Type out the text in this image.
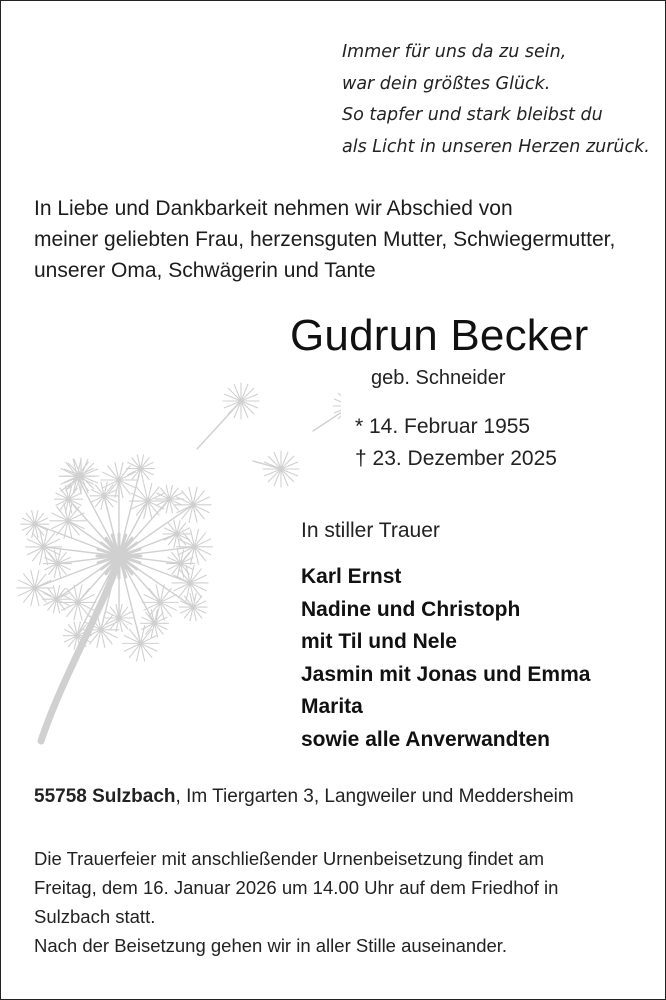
Immer für uns da zu sein,
war dein größtes Glück.
So tapfer und stark bleibst du
als Licht in unseren Herzen zurück.
In Liebe und Dankbarkeit nehmen wir Abschied von
meiner geliebten Frau, herzensguten Mutter, Schwiegermutter,
unserer Oma, Schwägerin und Tante
Gudrun Becker
geb. Schneider
* 14. Februar 1955
† 23. Dezember 2025
In stiller Trauer
Karl Ernst
Nadine und Christoph
mit Til und Nele
Jasmin mit Jonas und Emma
Marita
sowie alle Anverwandten
55758 Sulzbach, Im Tiergarten 3, Langweiler und Meddersheim
Die Trauerfeier mit anschließender Urnenbeisetzung findet am
Freitag, dem 16. Januar 2026 um 14.00 Uhr auf dem Friedhof in
Sulzbach statt.
Nach der Beisetzung gehen wir in aller Stille auseinander.
